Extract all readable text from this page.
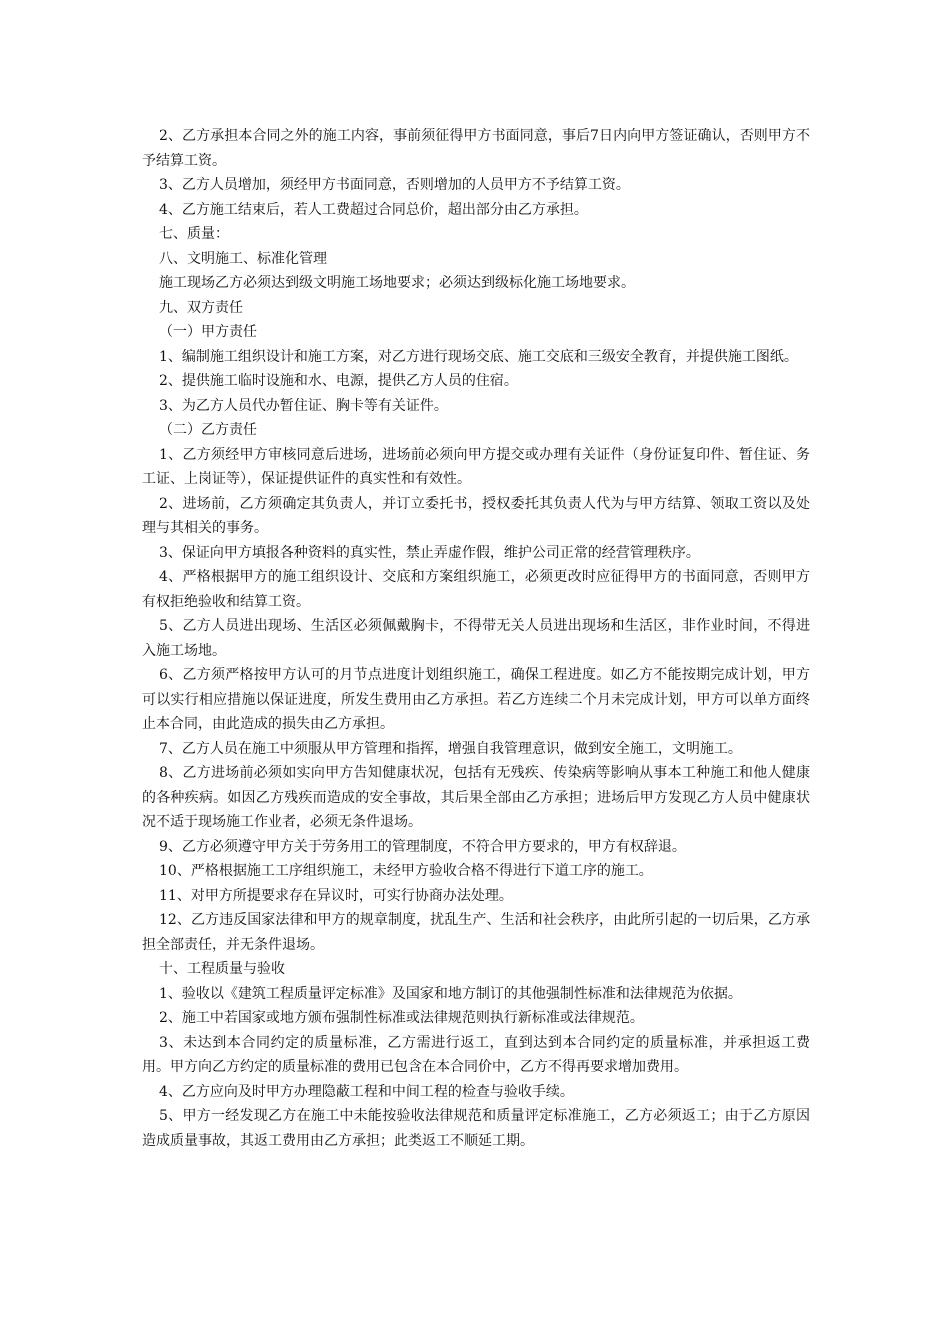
2、乙方承担本合同之外的施工内容，事前须征得甲方书面同意，事后7日内向甲方签证确认，否则甲方不予结算工资。

3、乙方人员增加，须经甲方书面同意，否则增加的人员甲方不予结算工资。

4、乙方施工结束后，若人工费超过合同总价，超出部分由乙方承担。

七、质量：

八、文明施工、标准化管理

施工现场乙方必须达到级文明施工场地要求；必须达到级标化施工场地要求。

九、双方责任

（一）甲方责任

1、编制施工组织设计和施工方案，对乙方进行现场交底、施工交底和三级安全教育，并提供施工图纸。

2、提供施工临时设施和水、电源，提供乙方人员的住宿。

3、为乙方人员代办暂住证、胸卡等有关证件。

（二）乙方责任

1、乙方须经甲方审核同意后进场，进场前必须向甲方提交或办理有关证件（身份证复印件、暂住证、务工证、上岗证等），保证提供证件的真实性和有效性。

2、进场前，乙方须确定其负责人，并订立委托书，授权委托其负责人代为与甲方结算、领取工资以及处理与其相关的事务。

3、保证向甲方填报各种资料的真实性，禁止弄虚作假，维护公司正常的经营管理秩序。

4、严格根据甲方的施工组织设计、交底和方案组织施工，必须更改时应征得甲方的书面同意，否则甲方有权拒绝验收和结算工资。

5、乙方人员进出现场、生活区必须佩戴胸卡，不得带无关人员进出现场和生活区，非作业时间，不得进入施工场地。

6、乙方须严格按甲方认可的月节点进度计划组织施工，确保工程进度。如乙方不能按期完成计划，甲方可以实行相应措施以保证进度，所发生费用由乙方承担。若乙方连续二个月未完成计划，甲方可以单方面终止本合同，由此造成的损失由乙方承担。

7、乙方人员在施工中须服从甲方管理和指挥，增强自我管理意识，做到安全施工，文明施工。

8、乙方进场前必须如实向甲方告知健康状况，包括有无残疾、传染病等影响从事本工种施工和他人健康的各种疾病。如因乙方残疾而造成的安全事故，其后果全部由乙方承担；进场后甲方发现乙方人员中健康状况不适于现场施工作业者，必须无条件退场。

9、乙方必须遵守甲方关于劳务用工的管理制度，不符合甲方要求的，甲方有权辞退。

10、严格根据施工工序组织施工，未经甲方验收合格不得进行下道工序的施工。

11、对甲方所提要求存在异议时，可实行协商办法处理。

12、乙方违反国家法律和甲方的规章制度，扰乱生产、生活和社会秩序，由此所引起的一切后果，乙方承担全部责任，并无条件退场。

十、工程质量与验收

1、验收以《建筑工程质量评定标准》及国家和地方制订的其他强制性标准和法律规范为依据。

2、施工中若国家或地方颁布强制性标准或法律规范则执行新标准或法律规范。

3、未达到本合同约定的质量标准，乙方需进行返工，直到达到本合同约定的质量标准，并承担返工费用。甲方向乙方约定的质量标准的费用已包含在本合同价中，乙方不得再要求增加费用。

4、乙方应向及时甲方办理隐蔽工程和中间工程的检查与验收手续。

5、甲方一经发现乙方在施工中未能按验收法律规范和质量评定标准施工，乙方必须返工；由于乙方原因造成质量事故，其返工费用由乙方承担；此类返工不顺延工期。
